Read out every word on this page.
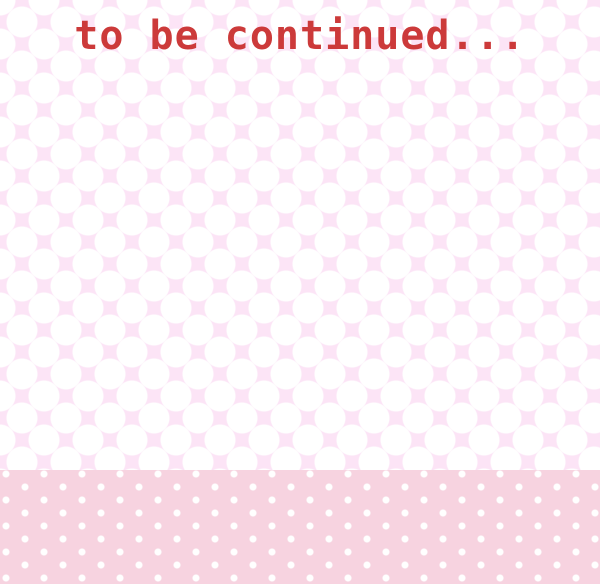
to be continued...
